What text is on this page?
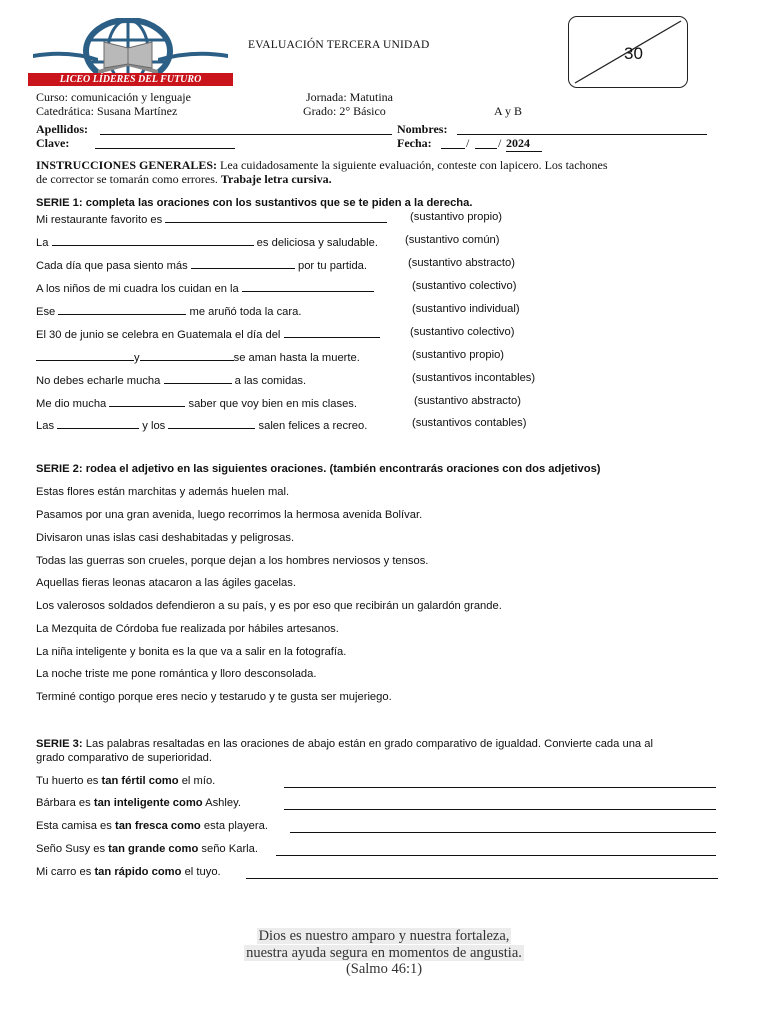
LICEO LÍDERES DEL FUTURO
EVALUACIÓN TERCERA UNIDAD	30
Curso: comunicación y lenguaje
Catedrática: Susana Martínez
Jornada: Matutina
Grado: 2° Básico	A y B
Apellidos:	Nombres:
Clave:	Fecha:	/ / 2024
INSTRUCCIONES GENERALES: Lea cuidadosamente la siguiente evaluación, conteste con lapicero. Los tachones
de corrector se tomarán como errores. Trabaje letra cursiva.
SERIE 1: completa las oraciones con los sustantivos que se te piden a la derecha.
Mi restaurante favorito es	(sustantivo propio)
La	es deliciosa y saludable. (sustantivo común)
Cada día que pasa siento más	por tu partida.	(sustantivo abstracto)
A los niños de mi cuadra los cuidan en la	(sustantivo colectivo)
Ese	me aruñó toda la cara.	(sustantivo individual)
El 30 de junio se celebra en Guatemala el día del	(sustantivo colectivo)
y	se aman hasta la muerte.	(sustantivo propio)
No debes echarle mucha	a las comidas.	(sustantivos incontables)
Me dio mucha	saber que voy bien en mis clases.	(sustantivo abstracto)
Las	y los	salen felices a recreo.	(sustantivos contables)
SERIE 2: rodea el adjetivo en las siguientes oraciones. (también encontrarás oraciones con dos adjetivos)
Estas flores están marchitas y además huelen mal.
Pasamos por una gran avenida, luego recorrimos la hermosa avenida Bolívar.
Divisaron unas islas casi deshabitadas y peligrosas.
Todas las guerras son crueles, porque dejan a los hombres nerviosos y tensos.
Aquellas fieras leonas atacaron a las ágiles gacelas.
Los valerosos soldados defendieron a su país, y es por eso que recibirán un galardón grande.
La Mezquita de Córdoba fue realizada por hábiles artesanos.
La niña inteligente y bonita es la que va a salir en la fotografía.
La noche triste me pone romántica y lloro desconsolada.
Terminé contigo porque eres necio y testarudo y te gusta ser mujeriego.
SERIE 3: Las palabras resaltadas en las oraciones de abajo están en grado comparativo de igualdad. Convierte cada una al
grado comparativo de superioridad.
Tu huerto es tan fértil como el mío.
Bárbara es tan inteligente como Ashley.
Esta camisa es tan fresca como esta playera.
Seño Susy es tan grande como seño Karla.
Mi carro es tan rápido como el tuyo.
Dios es nuestro amparo y nuestra fortaleza,
nuestra ayuda segura en momentos de angustia.
(Salmo 46:1)
